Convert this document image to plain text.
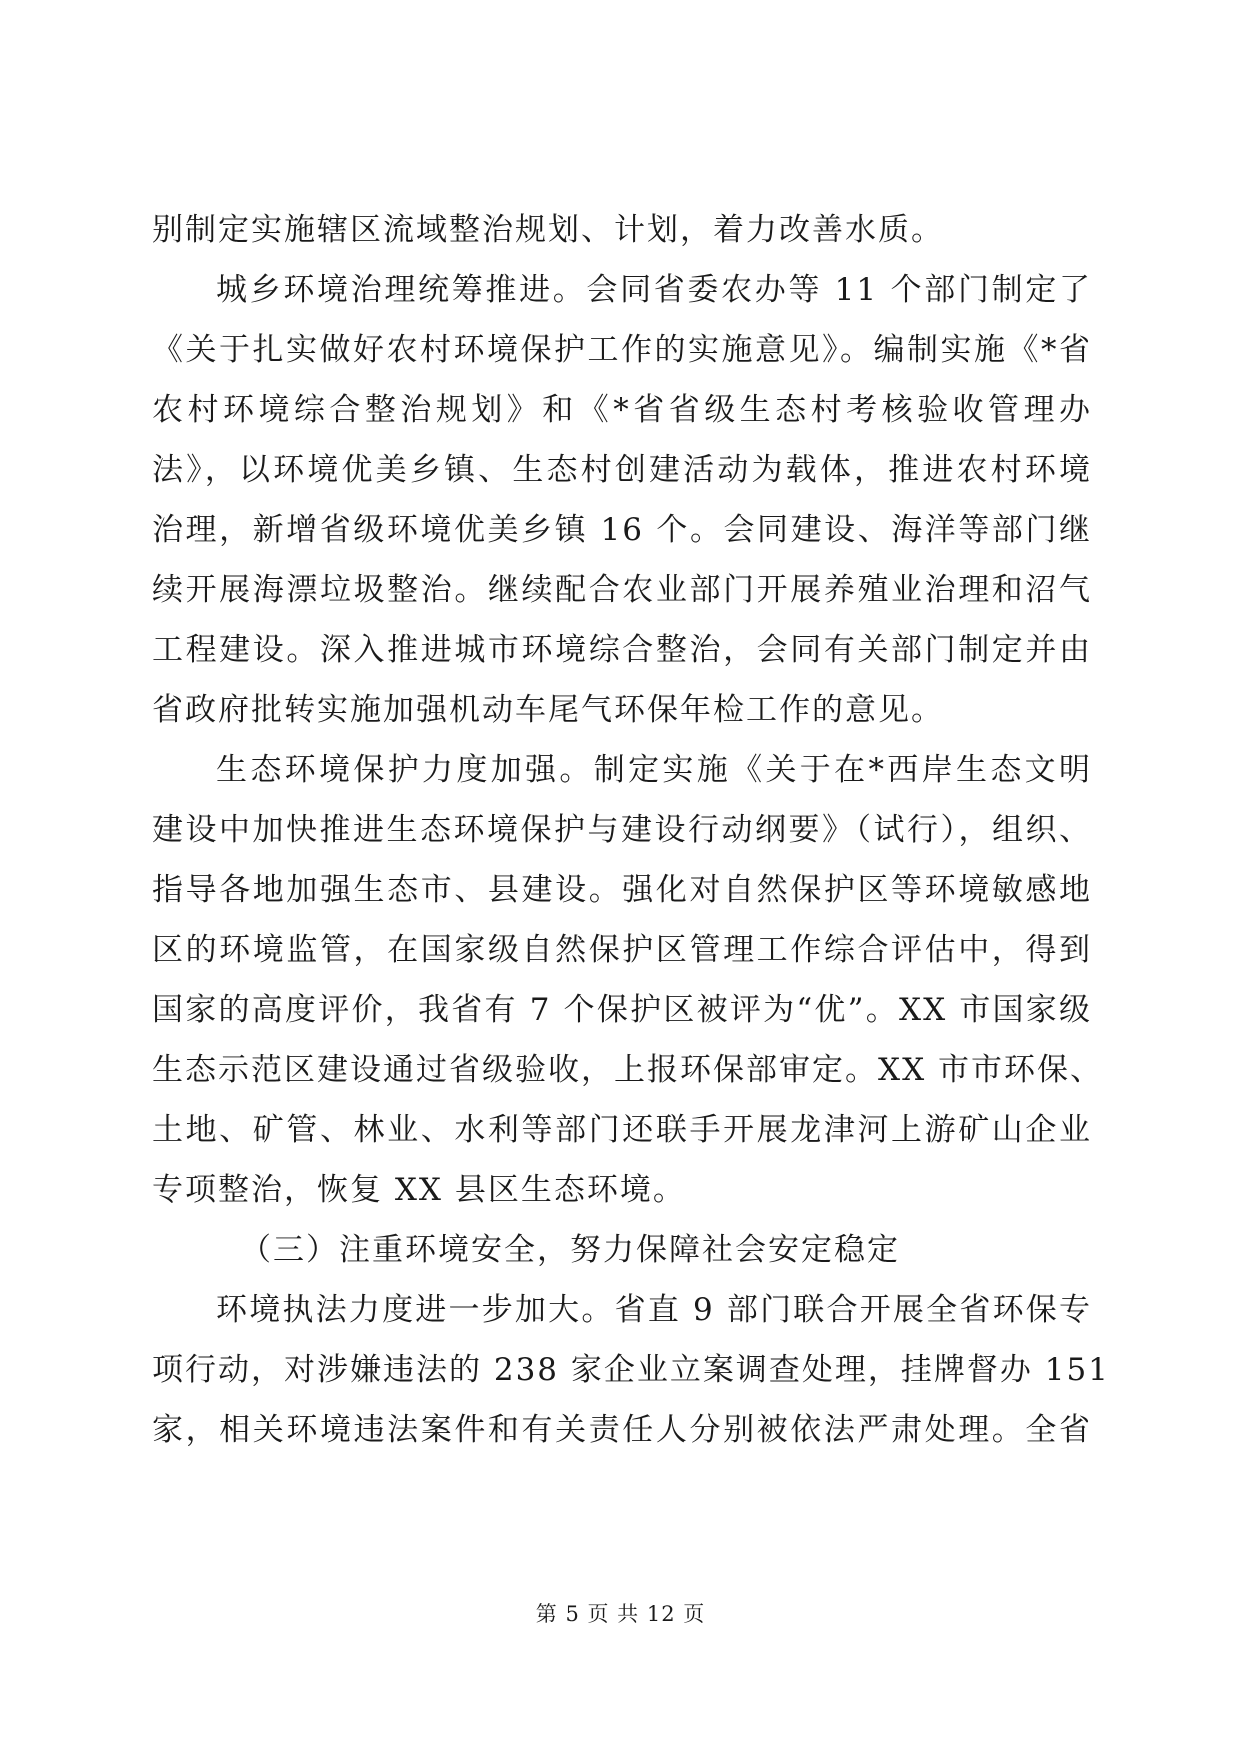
别制定实施辖区流域整治规划、计划，着力改善水质。
城乡环境治理统筹推进。会同省委农办等 11 个部门制定了
《关于扎实做好农村环境保护工作的实施意见》。编制实施《*省
农村环境综合整治规划》和《*省省级生态村考核验收管理办
法》，以环境优美乡镇、生态村创建活动为载体，推进农村环境
治理，新增省级环境优美乡镇 16 个。会同建设、海洋等部门继
续开展海漂垃圾整治。继续配合农业部门开展养殖业治理和沼气
工程建设。深入推进城市环境综合整治，会同有关部门制定并由
省政府批转实施加强机动车尾气环保年检工作的意见。
生态环境保护力度加强。制定实施《关于在*西岸生态文明
建设中加快推进生态环境保护与建设行动纲要》（试行），组织、
指导各地加强生态市、县建设。强化对自然保护区等环境敏感地
区的环境监管，在国家级自然保护区管理工作综合评估中，得到
国家的高度评价，我省有 7 个保护区被评为“优”。XX 市国家级
生态示范区建设通过省级验收，上报环保部审定。XX 市市环保、
土地、矿管、林业、水利等部门还联手开展龙津河上游矿山企业
专项整治，恢复 XX 县区生态环境。
（三）注重环境安全，努力保障社会安定稳定
环境执法力度进一步加大。省直 9 部门联合开展全省环保专
项行动，对涉嫌违法的 238 家企业立案调查处理，挂牌督办 151
家，相关环境违法案件和有关责任人分别被依法严肃处理。全省
第 5 页 共 12 页
